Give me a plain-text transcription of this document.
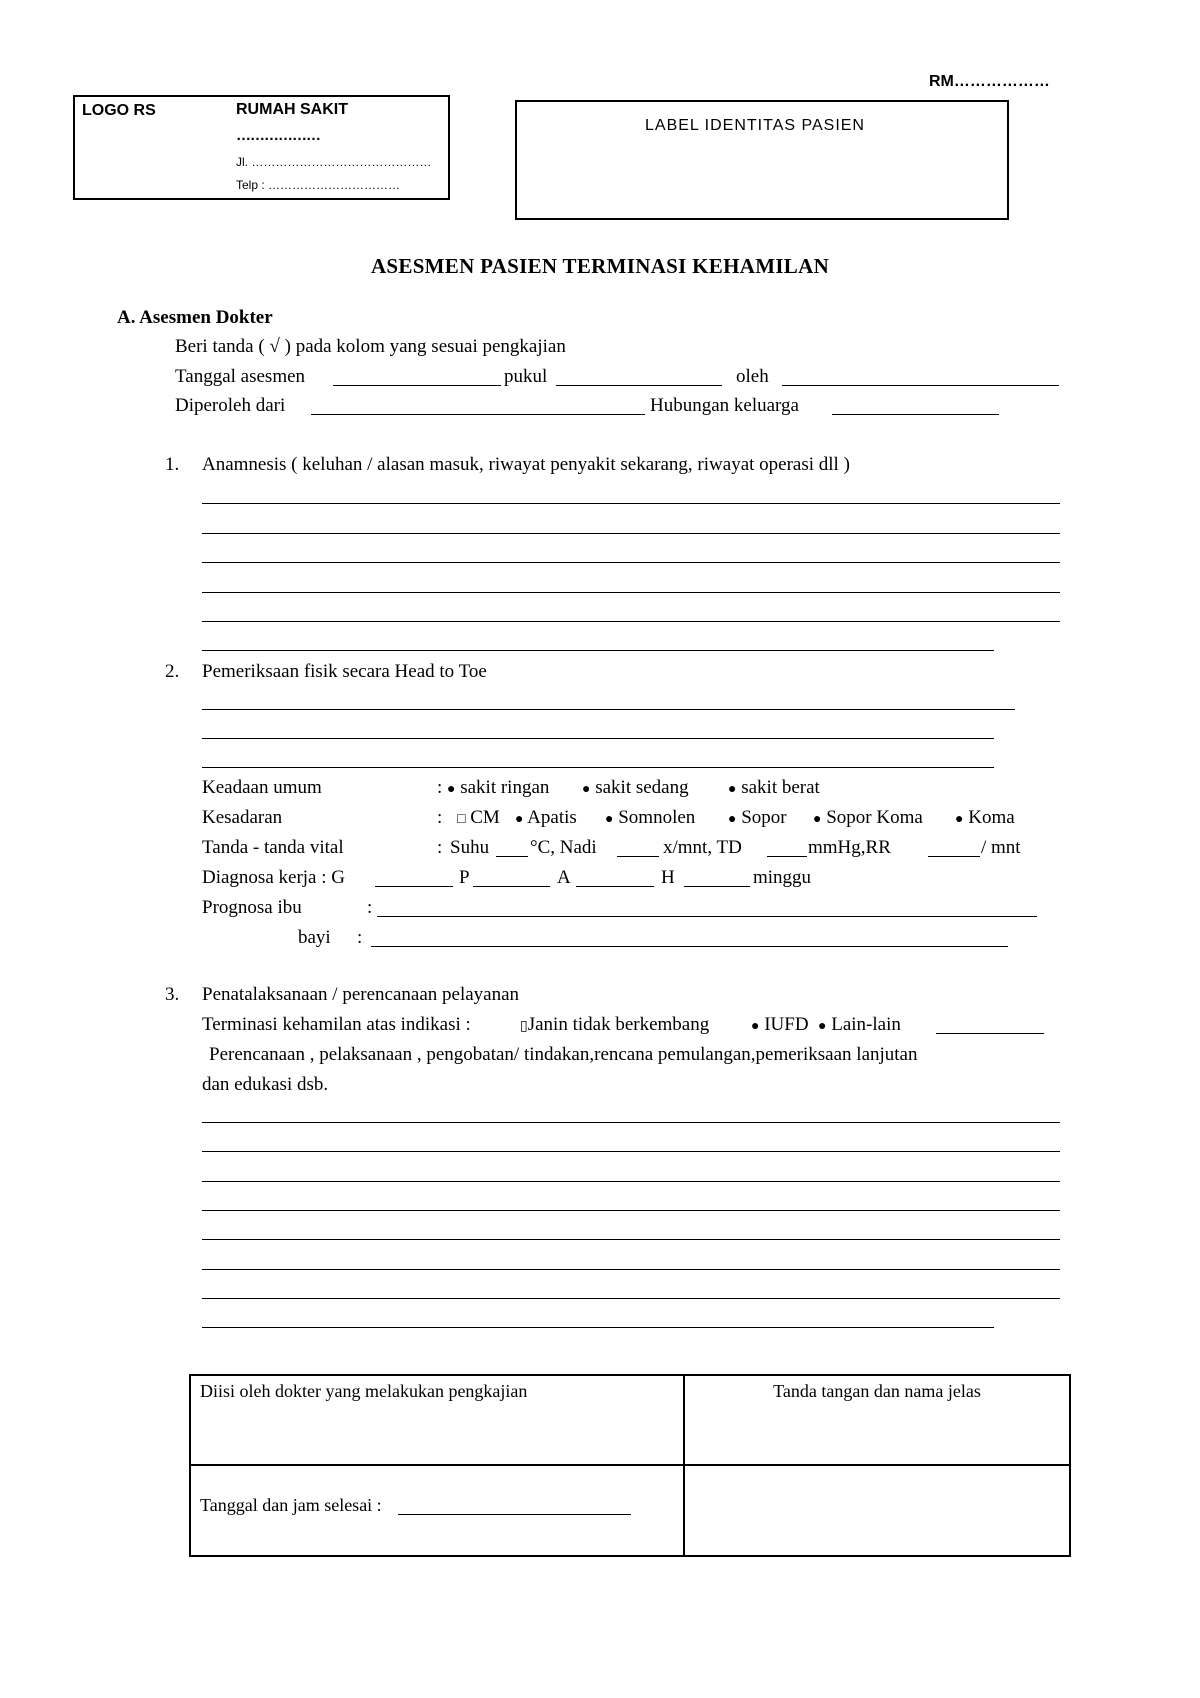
RM………………
LOGO RS	RUMAH SAKIT
………………
Jl. ………………………………………
Telp : ……………………………
LABEL IDENTITAS PASIEN
ASESMEN PASIEN TERMINASI KEHAMILAN
A. Asesmen Dokter
Beri tanda ( √ ) pada kolom yang sesuai pengkajian
Tanggal asesmen	pukul	oleh
Diperoleh dari	Hubungan keluarga
1. Anamnesis ( keluhan / alasan masuk, riwayat penyakit sekarang, riwayat operasi dll )
2. Pemeriksaan fisik secara Head to Toe
Keadaan umum	: ● sakit ringan ● sakit sedang	● sakit berat
Kesadaran	: □ CM ● Apatis ● Somnolen ● Sopor ● Sopor Koma ● Koma
Tanda - tanda vital	: Suhu °C, Nadi	x/mnt, TD	mmHg,RR	/ mnt
Diagnosa kerja : G	P	A	H	minggu
Prognosa ibu	:
bayi :
3. Penatalaksanaan / perencanaan pelayanan
Terminasi kehamilan atas indikasi :	▯Janin tidak berkembang	● IUFD ● Lain-lain
Perencanaan , pelaksanaan , pengobatan/ tindakan,rencana pemulangan,pemeriksaan lanjutan
dan edukasi dsb.
Diisi oleh dokter yang melakukan pengkajian	Tanda tangan dan nama jelas
Tanggal dan jam selesai :
